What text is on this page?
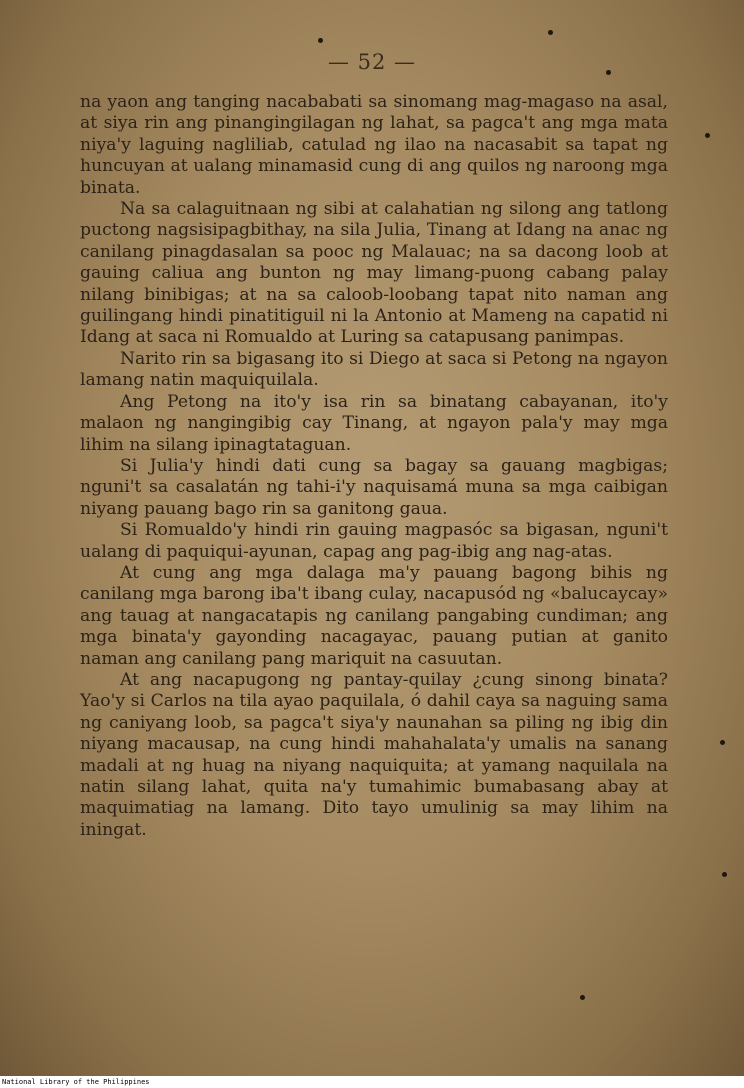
— 52 —

na yaon ang tanging nacababati sa sinomang mag-magaso na asal, at siya rin ang pinangingilagan ng lahat, sa pagca't ang mga mata niya'y laguing nagliliab, catulad ng ilao na nacasabit sa tapat ng huncuyan at ualang minamasid cung di ang quilos ng naroong mga binata.

Na sa calaguitnaan ng sibi at calahatian ng silong ang tatlong puctong nagsisipagbithay, na sila Julia, Tinang at Idang na anac ng canilang pinagdasalan sa pooc ng Malauac; na sa dacong loob at gauing caliua ang bunton ng may limang-puong cabang palay nilang binibigas; at na sa caloob-loobang tapat nito naman ang guilingang hindi pinatitiguil ni la Antonio at Mameng na capatid ni Idang at saca ni Romualdo at Luring sa catapusang panimpas.

Narito rin sa bigasang ito si Diego at saca si Petong na ngayon lamang natin maquiquilala.

Ang Petong na ito'y isa rin sa binatang cabayanan, ito'y malaon ng nangingibig cay Tinang, at ngayon pala'y may mga lihim na silang ipinagtataguan.

Si Julia'y hindi dati cung sa bagay sa gauang magbigas; nguni't sa casalatán ng tahi-i'y naquisamá muna sa mga caibigan niyang pauang bago rin sa ganitong gaua.

Si Romualdo'y hindi rin gauing magpasóc sa bigasan, nguni't ualang di paquiqui-ayunan, capag ang pag-ibig ang nag-atas.

At cung ang mga dalaga ma'y pauang bagong bihis ng canilang mga barong iba't ibang culay, nacapusód ng «balucaycay» ang tauag at nangacatapis ng canilang pangabing cundiman; ang mga binata'y gayonding nacagayac, pauang putian at ganito naman ang canilang pang mariquit na casuutan.

At ang nacapugong ng pantay-quilay ¿cung sinong binata? Yao'y si Carlos na tila ayao paquilala, ó dahil caya sa naguing sama ng caniyang loob, sa pagca't siya'y naunahan sa piling ng ibig din niyang macausap, na cung hindi mahahalata'y umalis na sanang madali at ng huag na niyang naquiquita; at yamang naquilala na natin silang lahat, quita na'y tumahimic bumabasang abay at maquimatiag na lamang. Dito tayo umulinig sa may lihim na iningat.

National Library of the Philippines
